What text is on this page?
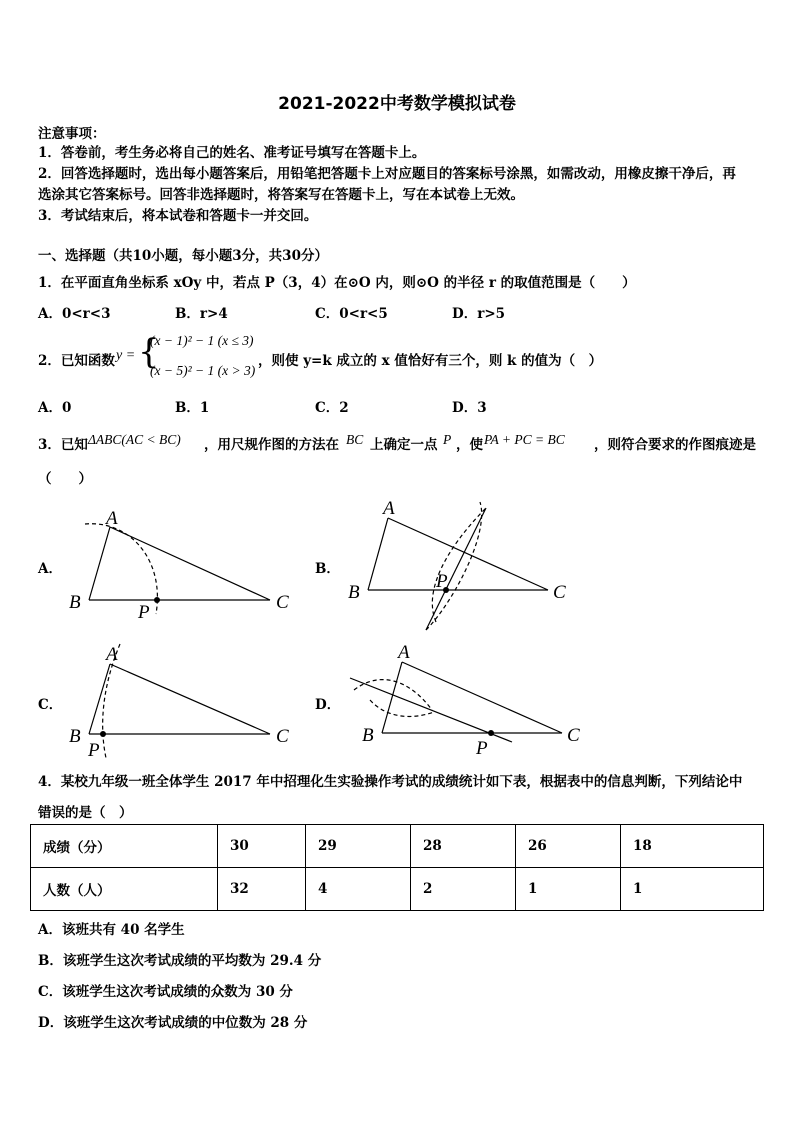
2021-2022中考数学模拟试卷
注意事项：
1．答卷前，考生务必将自己的姓名、准考证号填写在答题卡上。
2．回答选择题时，选出每小题答案后，用铅笔把答题卡上对应题目的答案标号涂黑，如需改动，用橡皮擦干净后，再
选涂其它答案标号。回答非选择题时，将答案写在答题卡上，写在本试卷上无效。
3．考试结束后，将本试卷和答题卡一并交回。
一、选择题（共10小题，每小题3分，共30分）
1．在平面直角坐标系 xOy 中，若点 P（3，4）在⊙O 内，则⊙O 的半径 r 的取值范围是（　　）
A．0<r<3	B．r>4	C．0<r<5	D．r>5
2．已知函数 y = {
(x − 1)² − 1 (x ≤ 3)
(x − 5)² − 1 (x > 3)
，则使 y=k 成立的 x 值恰好有三个，则 k 的值为（　）
A．0	B．1	C．2	D．3
3．已知 ΔABC(AC < BC) ，用尺规作图的方法在 BC 上确定一点 P ，使 PA + PC = BC ，则符合要求的作图痕迹是
（　　）
A．	B．
C．	D．
A
B	C
P
A
B	C
P
A
B	C
P
A
B	C
P
4．某校九年级一班全体学生 2017 年中招理化生实验操作考试的成绩统计如下表，根据表中的信息判断，下列结论中
错误的是（　）
成绩（分）	30	29	28	26	18
人数（人）	32	4	2	1	1
A．该班共有 40 名学生
B．该班学生这次考试成绩的平均数为 29.4 分
C．该班学生这次考试成绩的众数为 30 分
D．该班学生这次考试成绩的中位数为 28 分
